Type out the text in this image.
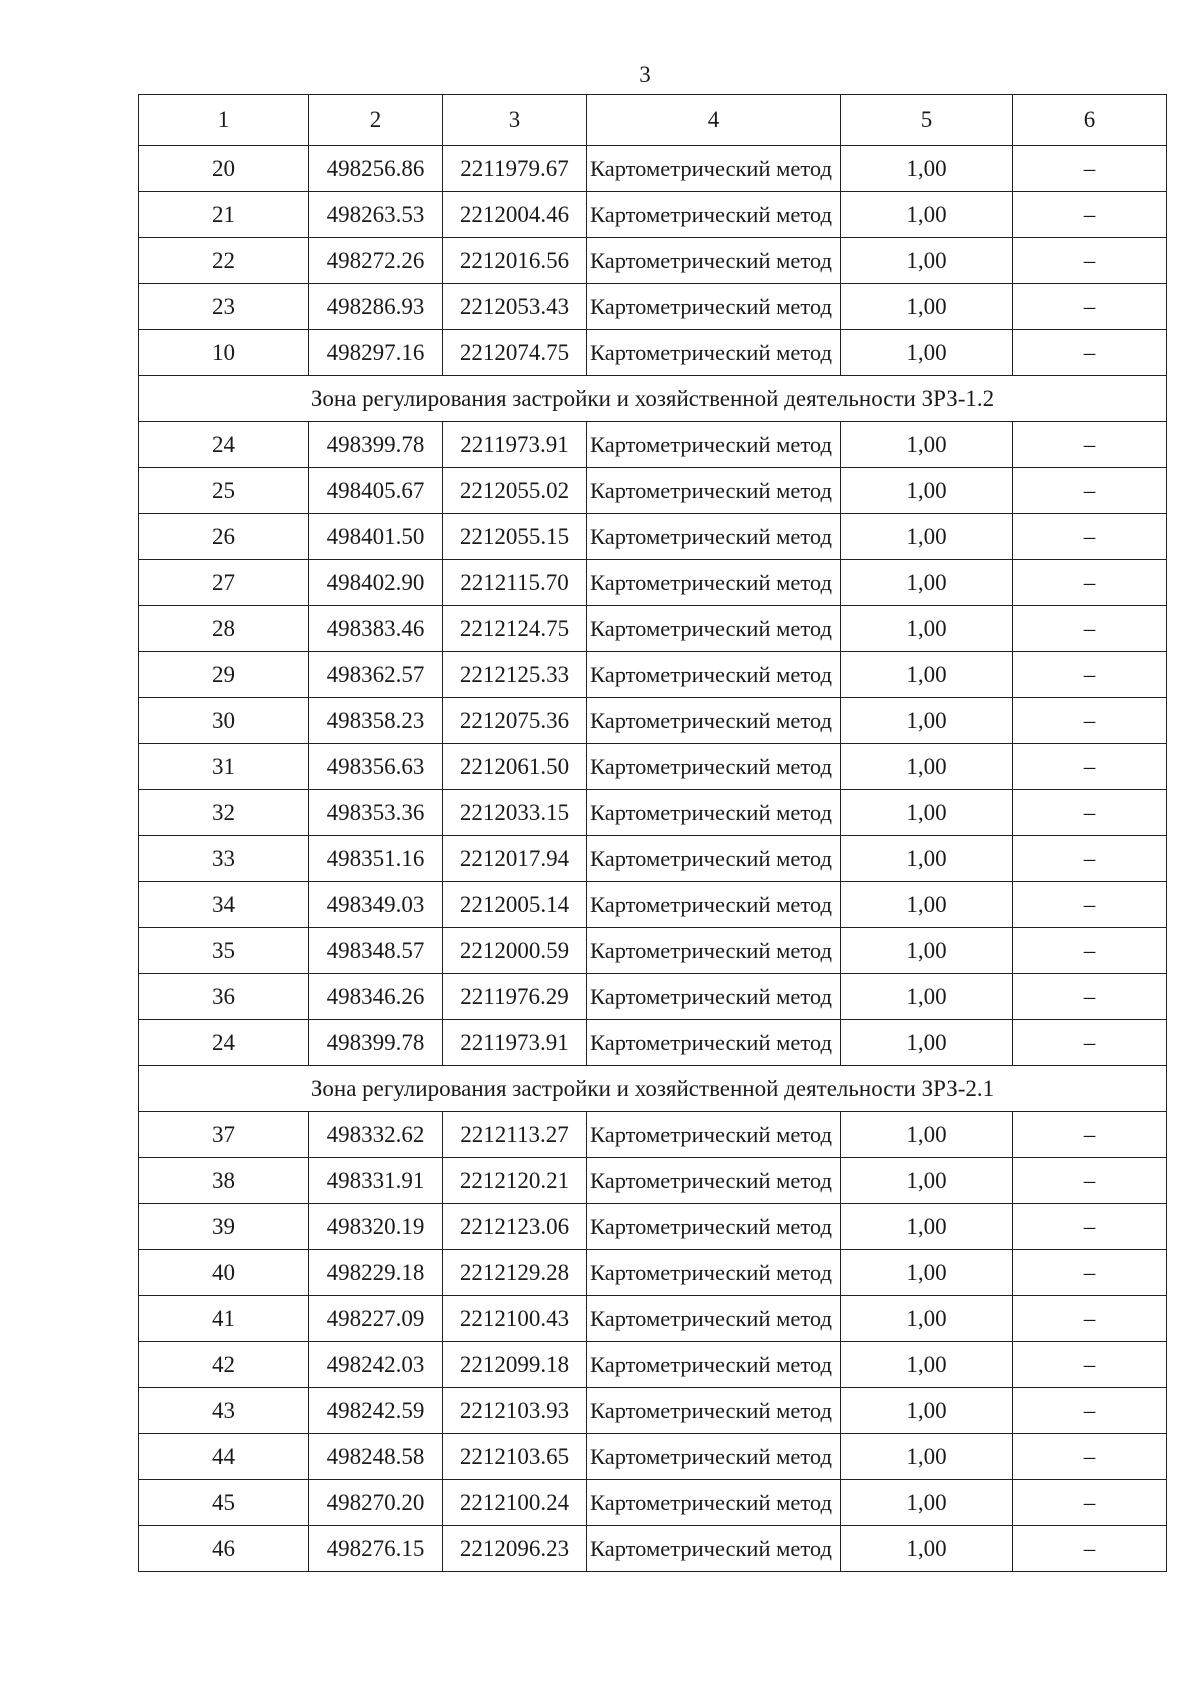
3
1	2	3	4	5	6
20	498256.86	2211979.67	Картометрический метод	1,00	–
21	498263.53	2212004.46	Картометрический метод	1,00	–
22	498272.26	2212016.56	Картометрический метод	1,00	–
23	498286.93	2212053.43	Картометрический метод	1,00	–
10	498297.16	2212074.75	Картометрический метод	1,00	–
Зона регулирования застройки и хозяйственной деятельности ЗРЗ-1.2					
24	498399.78	2211973.91	Картометрический метод	1,00	–
25	498405.67	2212055.02	Картометрический метод	1,00	–
26	498401.50	2212055.15	Картометрический метод	1,00	–
27	498402.90	2212115.70	Картометрический метод	1,00	–
28	498383.46	2212124.75	Картометрический метод	1,00	–
29	498362.57	2212125.33	Картометрический метод	1,00	–
30	498358.23	2212075.36	Картометрический метод	1,00	–
31	498356.63	2212061.50	Картометрический метод	1,00	–
32	498353.36	2212033.15	Картометрический метод	1,00	–
33	498351.16	2212017.94	Картометрический метод	1,00	–
34	498349.03	2212005.14	Картометрический метод	1,00	–
35	498348.57	2212000.59	Картометрический метод	1,00	–
36	498346.26	2211976.29	Картометрический метод	1,00	–
24	498399.78	2211973.91	Картометрический метод	1,00	–
Зона регулирования застройки и хозяйственной деятельности ЗРЗ-2.1					
37	498332.62	2212113.27	Картометрический метод	1,00	–
38	498331.91	2212120.21	Картометрический метод	1,00	–
39	498320.19	2212123.06	Картометрический метод	1,00	–
40	498229.18	2212129.28	Картометрический метод	1,00	–
41	498227.09	2212100.43	Картометрический метод	1,00	–
42	498242.03	2212099.18	Картометрический метод	1,00	–
43	498242.59	2212103.93	Картометрический метод	1,00	–
44	498248.58	2212103.65	Картометрический метод	1,00	–
45	498270.20	2212100.24	Картометрический метод	1,00	–
46	498276.15	2212096.23	Картометрический метод	1,00	–
